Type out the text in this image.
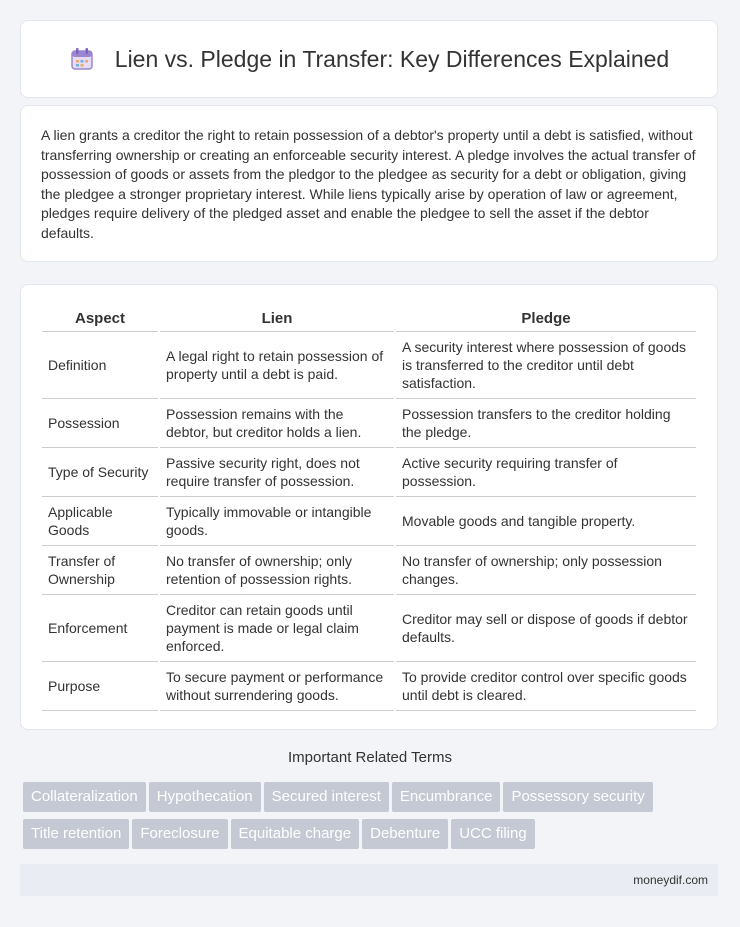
Lien vs. Pledge in Transfer: Key Differences Explained

A lien grants a creditor the right to retain possession of a debtor's property until a debt is satisfied, without transferring ownership or creating an enforceable security interest. A pledge involves the actual transfer of possession of goods or assets from the pledgor to the pledgee as security for a debt or obligation, giving the pledgee a stronger proprietary interest. While liens typically arise by operation of law or agreement, pledges require delivery of the pledged asset and enable the pledgee to sell the asset if the debtor defaults.

Aspect	Lien	Pledge
Definition	A legal right to retain possession of property until a debt is paid.	A security interest where possession of goods is transferred to the creditor until debt satisfaction.
Possession	Possession remains with the debtor, but creditor holds a lien.	Possession transfers to the creditor holding the pledge.
Type of Security	Passive security right, does not require transfer of possession.	Active security requiring transfer of possession.
Applicable Goods	Typically immovable or intangible goods.	Movable goods and tangible property.
Transfer of Ownership	No transfer of ownership; only retention of possession rights.	No transfer of ownership; only possession changes.
Enforcement	Creditor can retain goods until payment is made or legal claim enforced.	Creditor may sell or dispose of goods if debtor defaults.
Purpose	To secure payment or performance without surrendering goods.	To provide creditor control over specific goods until debt is cleared.
Important Related Terms
Collateralization Hypothecation Secured interest Encumbrance Possessory security
Title retention Foreclosure Equitable charge Debenture UCC filing
moneydif.com
